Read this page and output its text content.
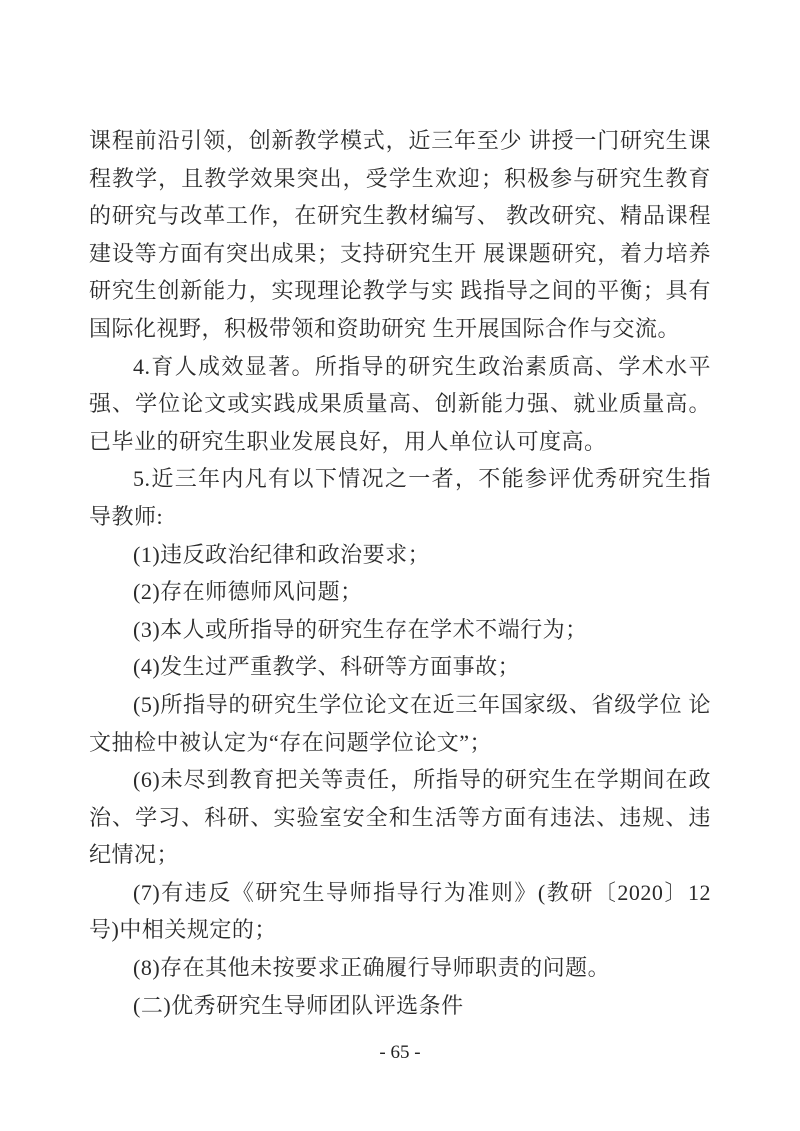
课程前沿引领，创新教学模式，近三年至少 讲授一门研究生课程教学，且教学效果突出，受学生欢迎；积极参与研究生教育的研究与改革工作，在研究生教材编写、 教改研究、精品课程建设等方面有突出成果；支持研究生开 展课题研究，着力培养研究生创新能力，实现理论教学与实 践指导之间的平衡；具有国际化视野，积极带领和资助研究 生开展国际合作与交流。

4.育人成效显著。所指导的研究生政治素质高、学术水平强、学位论文或实践成果质量高、创新能力强、就业质量高。 已毕业的研究生职业发展良好，用人单位认可度高。

5.近三年内凡有以下情况之一者，不能参评优秀研究生指 导教师:

(1)违反政治纪律和政治要求；

(2)存在师德师风问题；

(3)本人或所指导的研究生存在学术不端行为；

(4)发生过严重教学、科研等方面事故；

(5)所指导的研究生学位论文在近三年国家级、省级学位 论文抽检中被认定为“存在问题学位论文”；

(6)未尽到教育把关等责任，所指导的研究生在学期间在政治、学习、科研、实验室安全和生活等方面有违法、违规、违纪情况；

(7)有违反《研究生导师指导行为准则》(教研〔2020〕12 号)中相关规定的；

(8)存在其他未按要求正确履行导师职责的问题。

(二)优秀研究生导师团队评选条件

- 65 -
